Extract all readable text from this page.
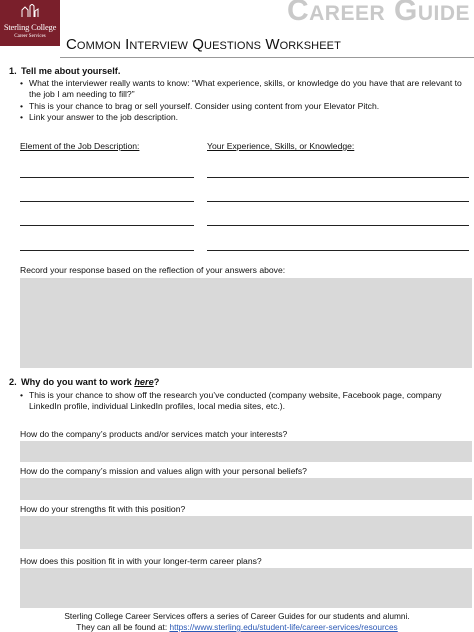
Sterling College
Career Services
Career Guide
Common Interview Questions Worksheet
1. Tell me about yourself.
• What the interviewer really wants to know: “What experience, skills, or knowledge do you have that are relevant to the job I am needing to fill?”
• This is your chance to brag or sell yourself. Consider using content from your Elevator Pitch.
• Link your answer to the job description.
Element of the Job Description:	Your Experience, Skills, or Knowledge:
Record your response based on the reflection of your answers above:
2. Why do you want to work here?
• This is your chance to show off the research you’ve conducted (company website, Facebook page, company LinkedIn profile, individual LinkedIn profiles, local media sites, etc.).
How do the company’s products and/or services match your interests?
How do the company’s mission and values align with your personal beliefs?
How do your strengths fit with this position?
How does this position fit in with your longer-term career plans?
Sterling College Career Services offers a series of Career Guides for our students and alumni.
They can all be found at: https://www.sterling.edu/student-life/career-services/resources
